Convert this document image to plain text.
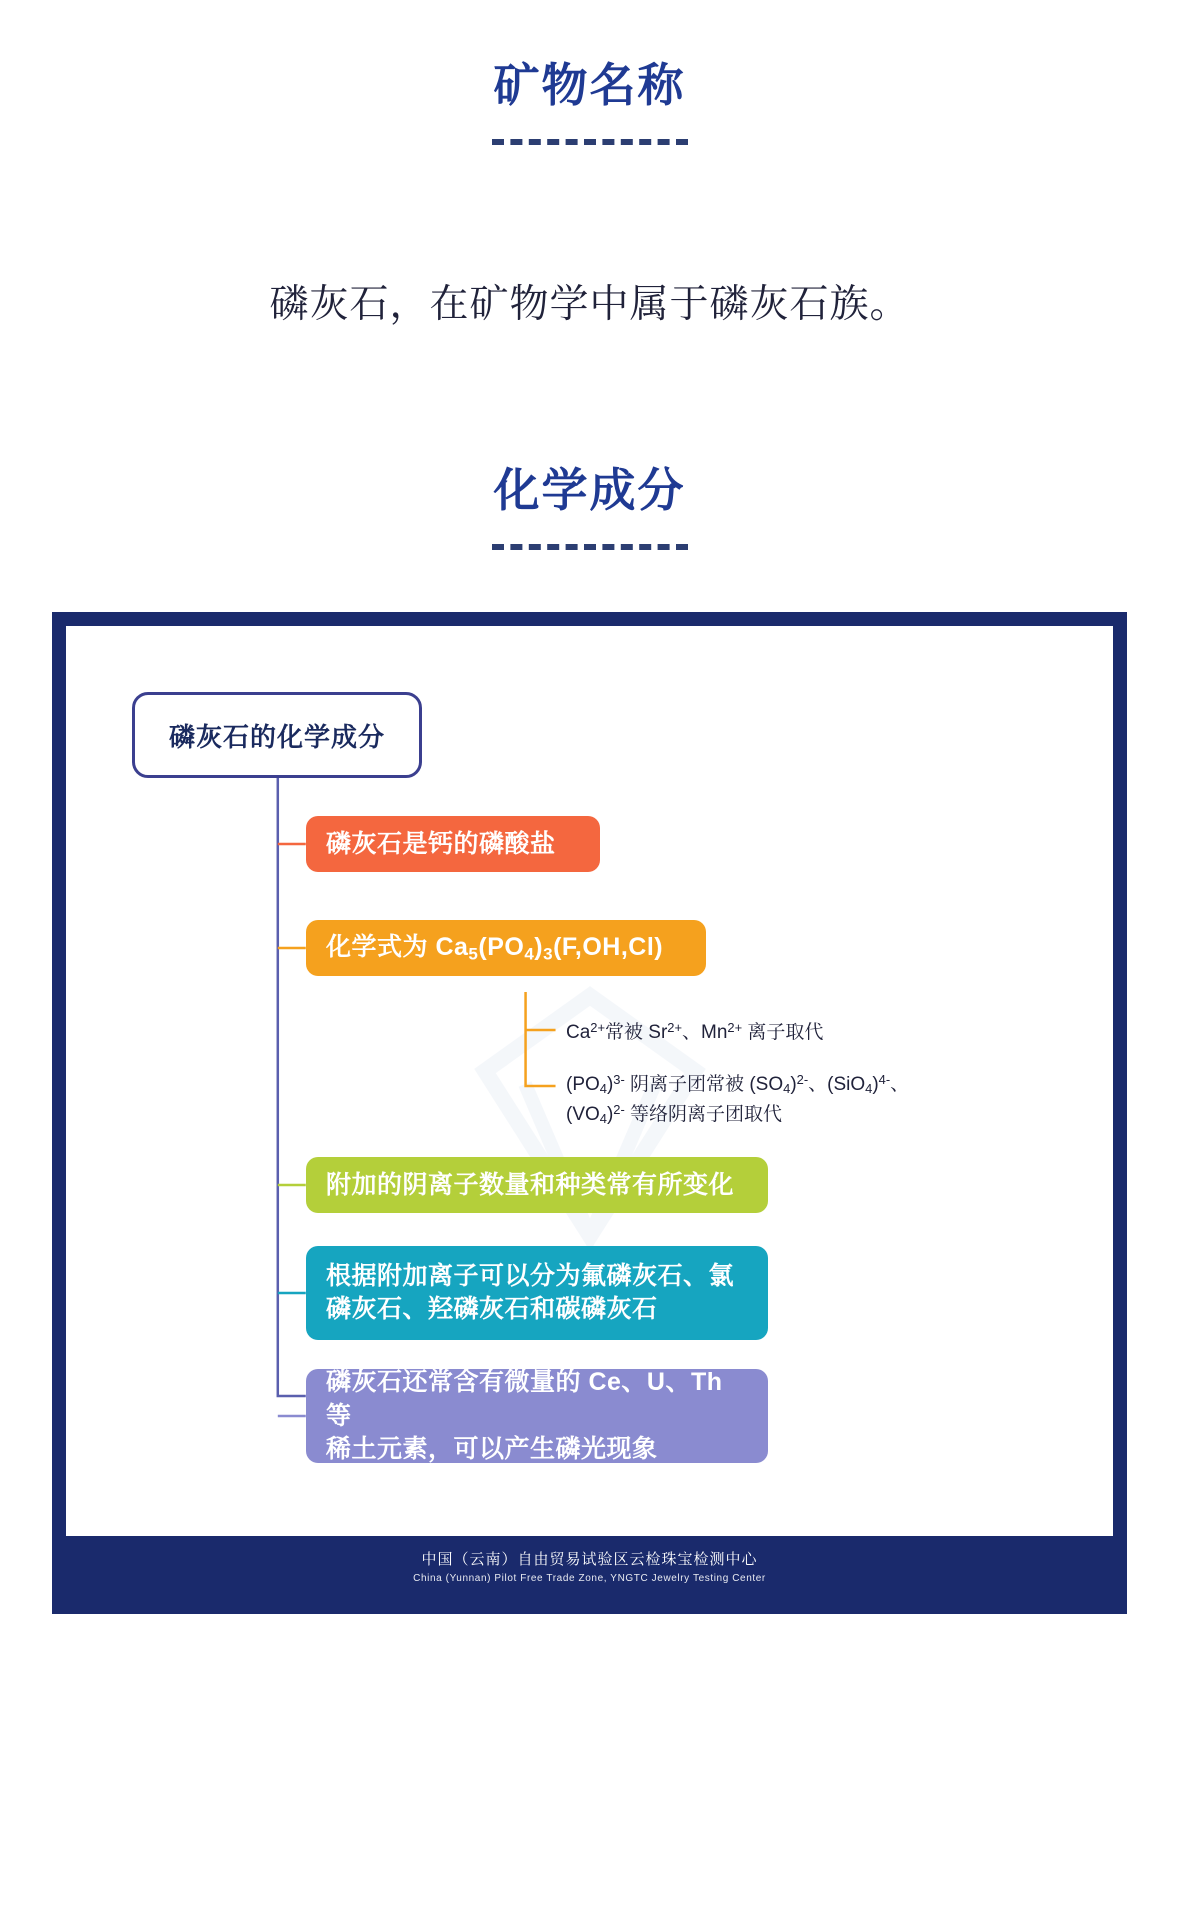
矿物名称
磷灰石，在矿物学中属于磷灰石族。
化学成分
磷灰石的化学成分
磷灰石是钙的磷酸盐
化学式为 $Ca_5(PO_4)_3(F,OH,Cl)$
$Ca^{2+}$常被 $Sr^{2+}$、$Mn^{2+}$ 离子取代
$(PO_4)^{3-}$ 阴离子团常被 $(SO_4)^{2-}$、$(SiO_4)^{4-}$、
$(VO_4)^{2-}$ 等络阴离子团取代
附加的阴离子数量和种类常有所变化
根据附加离子可以分为氟磷灰石、氯
磷灰石、羟磷灰石和碳磷灰石
磷灰石还常含有微量的 Ce、U、Th 等
稀土元素，可以产生磷光现象
中国（云南）自由贸易试验区云检珠宝检测中心
China (Yunnan) Pilot Free Trade Zone, YNGTC Jewelry Testing Center
